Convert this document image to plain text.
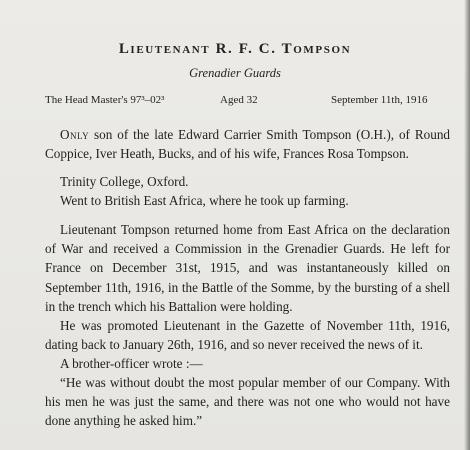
Lieutenant R. F. C. Tompson
Grenadier Guards
The Head Master's 97³–02³	Aged 32	September 11th, 1916

Only son of the late Edward Carrier Smith Tompson (O.H.), of Round Coppice, Iver Heath, Bucks, and of his wife, Frances Rosa Tompson.

Trinity College, Oxford.

Went to British East Africa, where he took up farming.

Lieutenant Tompson returned home from East Africa on the declaration of War and received a Commission in the Grenadier Guards. He left for France on December 31st, 1915, and was instantaneously killed on September 11th, 1916, in the Battle of the Somme, by the bursting of a shell in the trench which his Battalion were holding.

He was promoted Lieutenant in the Gazette of November 11th, 1916, dating back to January 26th, 1916, and so never received the news of it.

A brother-officer wrote :—

“He was without doubt the most popular member of our Company. With his men he was just the same, and there was not one who would not have done anything he asked him.”
